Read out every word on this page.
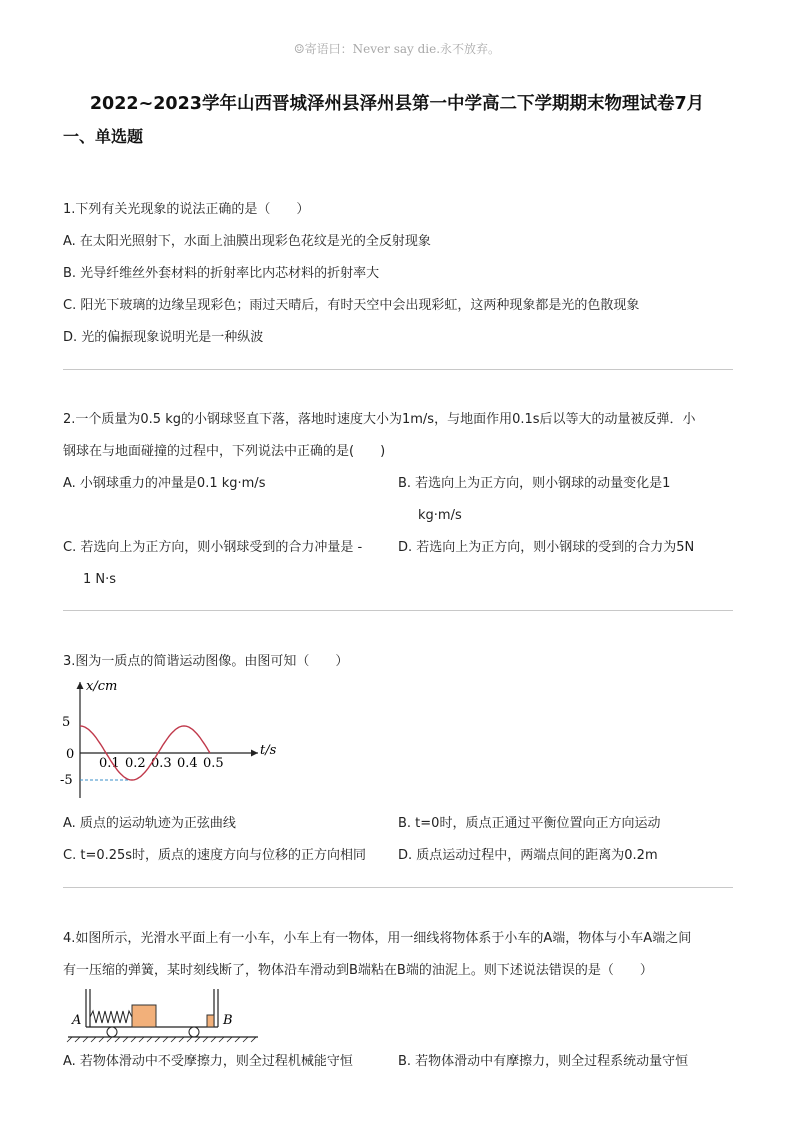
☺寄语曰：Never say die.永不放弃。
2022~2023学年山西晋城泽州县泽州县第一中学高二下学期期末物理试卷7月
一、单选题
1.下列有关光现象的说法正确的是（　　）
A. 在太阳光照射下，水面上油膜出现彩色花纹是光的全反射现象
B. 光导纤维丝外套材料的折射率比内芯材料的折射率大
C. 阳光下玻璃的边缘呈现彩色；雨过天晴后，有时天空中会出现彩虹，这两种现象都是光的色散现象
D. 光的偏振现象说明光是一种纵波
2.一个质量为0.5 kg的小钢球竖直下落，落地时速度大小为1m/s，与地面作用0.1s后以等大的动量被反弹．小
钢球在与地面碰撞的过程中，下列说法中正确的是(　　)
A. 小钢球重力的冲量是0.1 kg·m/s	B. 若选向上为正方向，则小钢球的动量变化是1
kg·m/s
C. 若选向上为正方向，则小钢球受到的合力冲量是 -	D. 若选向上为正方向，则小钢球的受到的合力为5N
1 N·s
3.图为一质点的简谐运动图像。由图可知（　　）
x/cm
t/s
5
0
-5
0.1 0.2 0.3 0.4 0.5
A. 质点的运动轨迹为正弦曲线	B. t=0时，质点正通过平衡位置向正方向运动
C. t=0.25s时，质点的速度方向与位移的正方向相同 D. 质点运动过程中，两端点间的距离为0.2m
4.如图所示，光滑水平面上有一小车，小车上有一物体，用一细线将物体系于小车的A端，物体与小车A端之间
有一压缩的弹簧，某时刻线断了，物体沿车滑动到B端粘在B端的油泥上。则下述说法错误的是（　　）
A	B
A. 若物体滑动中不受摩擦力，则全过程机械能守恒	B. 若物体滑动中有摩擦力，则全过程系统动量守恒
